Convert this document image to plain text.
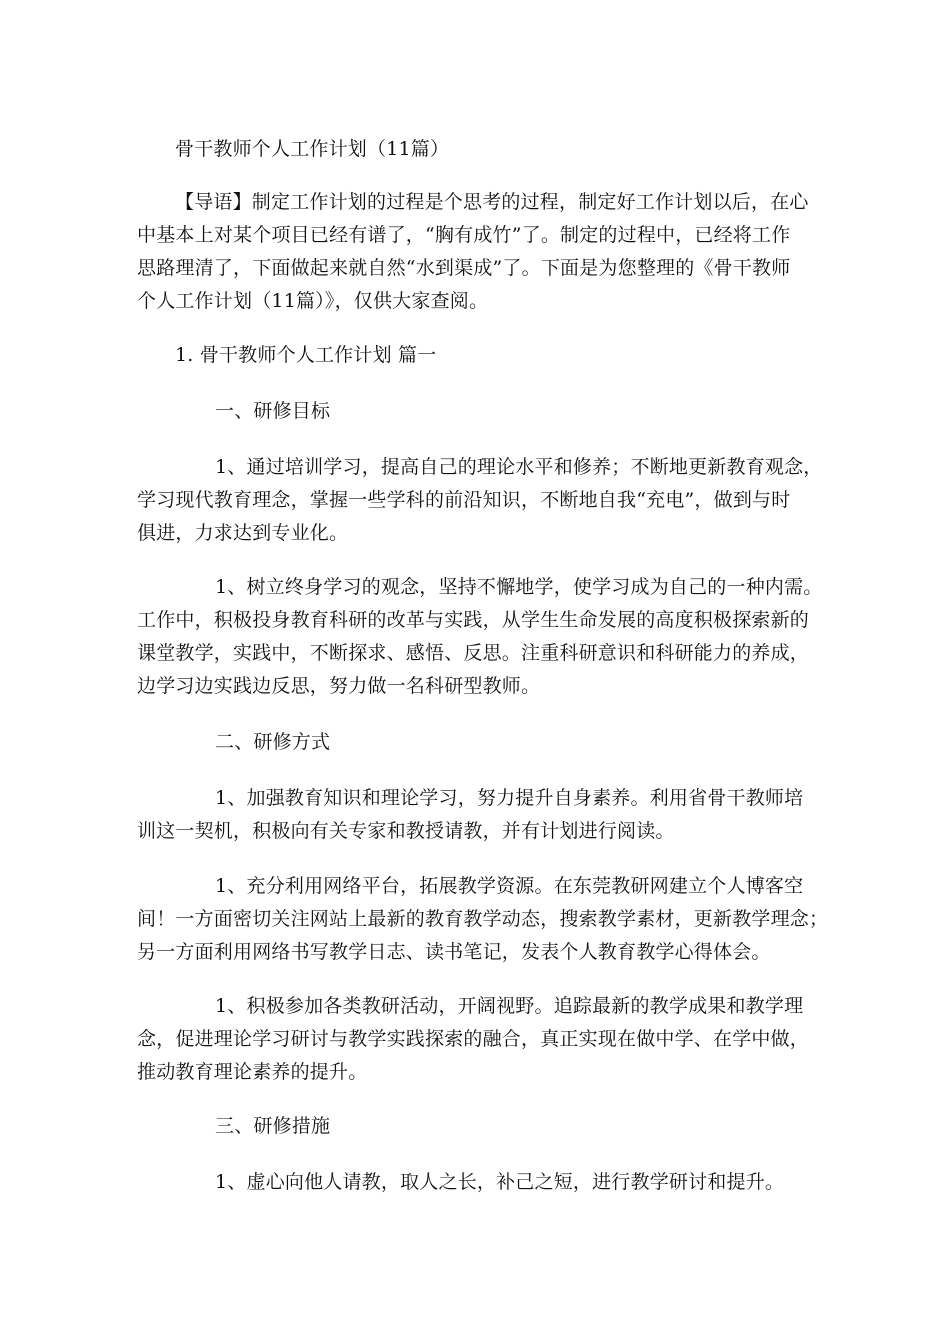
骨干教师个人工作计划（11篇）
【导语】制定工作计划的过程是个思考的过程，制定好工作计划以后，在心
中基本上对某个项目已经有谱了，“胸有成竹”了。制定的过程中，已经将工作
思路理清了，下面做起来就自然“水到渠成”了。下面是为您整理的《骨干教师
个人工作计划（11篇）》，仅供大家查阅。
1. 骨干教师个人工作计划 篇一
一、研修目标
1、通过培训学习，提高自己的理论水平和修养；不断地更新教育观念，
学习现代教育理念，掌握一些学科的前沿知识，不断地自我“充电”，做到与时
俱进，力求达到专业化。
1、树立终身学习的观念，坚持不懈地学，使学习成为自己的一种内需。
工作中，积极投身教育科研的改革与实践，从学生生命发展的高度积极探索新的
课堂教学，实践中，不断探求、感悟、反思。注重科研意识和科研能力的养成，
边学习边实践边反思，努力做一名科研型教师。
二、研修方式
1、加强教育知识和理论学习，努力提升自身素养。利用省骨干教师培
训这一契机，积极向有关专家和教授请教，并有计划进行阅读。
1、充分利用网络平台，拓展教学资源。在东莞教研网建立个人博客空
间！一方面密切关注网站上最新的教育教学动态，搜索教学素材，更新教学理念；
另一方面利用网络书写教学日志、读书笔记，发表个人教育教学心得体会。
1、积极参加各类教研活动，开阔视野。追踪最新的教学成果和教学理
念，促进理论学习研讨与教学实践探索的融合，真正实现在做中学、在学中做，
推动教育理论素养的提升。
三、研修措施
1、虚心向他人请教，取人之长，补己之短，进行教学研讨和提升。
